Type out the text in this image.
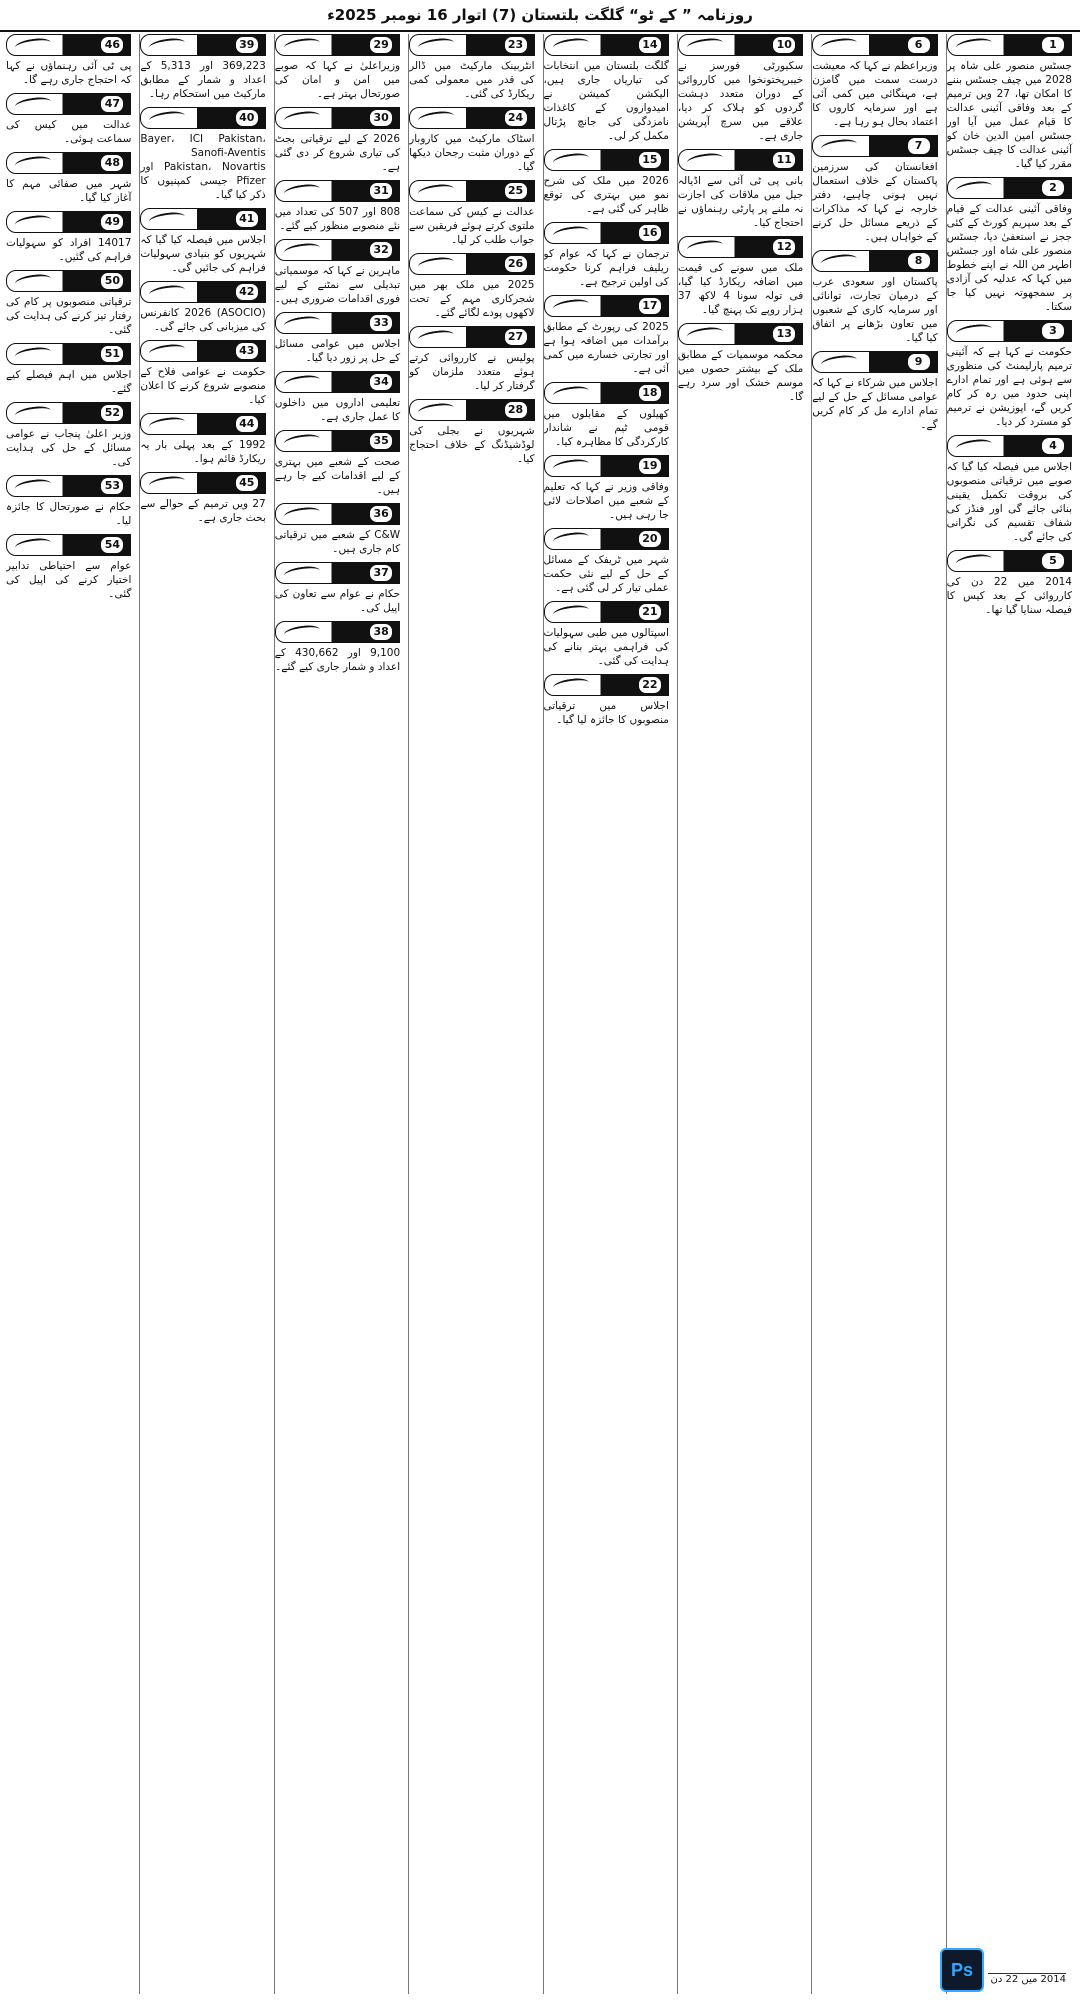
روزنامہ ” کے ٹو“ گلگت بلتستان (7) اتوار 16 نومبر 2025ء
1
بقیہ

جسٹس منصور علی شاہ پر 2028 میں چیف جسٹس بننے کا امکان تھا، 27 ویں ترمیم کے بعد وفاقی آئینی عدالت کا قیام عمل میں آیا اور جسٹس امین الدین خان کو آئینی عدالت کا چیف جسٹس مقرر کیا گیا۔

2
بقیہ

وفاقی آئینی عدالت کے قیام کے بعد سپریم کورٹ کے کئی ججز نے استعفیٰ دیا، جسٹس منصور علی شاہ اور جسٹس اطہر من اللہ نے اپنے خطوط میں کہا کہ عدلیہ کی آزادی پر سمجھوتہ نہیں کیا جا سکتا۔

3
بقیہ

حکومت نے کہا ہے کہ آئینی ترمیم پارلیمنٹ کی منظوری سے ہوئی ہے اور تمام ادارے اپنی حدود میں رہ کر کام کریں گے، اپوزیشن نے ترمیم کو مسترد کر دیا۔

4
بقیہ

اجلاس میں فیصلہ کیا گیا کہ صوبے میں ترقیاتی منصوبوں کی بروقت تکمیل یقینی بنائی جائے گی اور فنڈز کی شفاف تقسیم کی نگرانی کی جائے گی۔

5
بقیہ

2014 میں 22 دن کی کارروائی کے بعد کیس کا فیصلہ سنایا گیا تھا۔

6
بقیہ

وزیراعظم نے کہا کہ معیشت درست سمت میں گامزن ہے، مہنگائی میں کمی آئی ہے اور سرمایہ کاروں کا اعتماد بحال ہو رہا ہے۔

7
بقیہ

افغانستان کی سرزمین پاکستان کے خلاف استعمال نہیں ہونی چاہیے، دفتر خارجہ نے کہا کہ مذاکرات کے ذریعے مسائل حل کرنے کے خواہاں ہیں۔

8
بقیہ

پاکستان اور سعودی عرب کے درمیان تجارت، توانائی اور سرمایہ کاری کے شعبوں میں تعاون بڑھانے پر اتفاق کیا گیا۔

9
بقیہ

اجلاس میں شرکاء نے کہا کہ عوامی مسائل کے حل کے لیے تمام ادارے مل کر کام کریں گے۔

10
بقیہ

سکیورٹی فورسز نے خیبرپختونخوا میں کارروائی کے دوران متعدد دہشت گردوں کو ہلاک کر دیا، علاقے میں سرچ آپریشن جاری ہے۔

11
بقیہ

بانی پی ٹی آئی سے اڈیالہ جیل میں ملاقات کی اجازت نہ ملنے پر پارٹی رہنماؤں نے احتجاج کیا۔

12
بقیہ

ملک میں سونے کی قیمت میں اضافہ ریکارڈ کیا گیا، فی تولہ سونا 4 لاکھ 37 ہزار روپے تک پہنچ گیا۔

13
بقیہ

محکمہ موسمیات کے مطابق ملک کے بیشتر حصوں میں موسم خشک اور سرد رہے گا۔

14
بقیہ

گلگت بلتستان میں انتخابات کی تیاریاں جاری ہیں، الیکشن کمیشن نے امیدواروں کے کاغذات نامزدگی کی جانچ پڑتال مکمل کر لی۔

15
بقیہ

2026 میں ملک کی شرح نمو میں بہتری کی توقع ظاہر کی گئی ہے۔

16
بقیہ

ترجمان نے کہا کہ عوام کو ریلیف فراہم کرنا حکومت کی اولین ترجیح ہے۔

17
بقیہ

2025 کی رپورٹ کے مطابق برآمدات میں اضافہ ہوا ہے اور تجارتی خسارے میں کمی آئی ہے۔

18
بقیہ

کھیلوں کے مقابلوں میں قومی ٹیم نے شاندار کارکردگی کا مظاہرہ کیا۔

19
بقیہ

وفاقی وزیر نے کہا کہ تعلیم کے شعبے میں اصلاحات لائی جا رہی ہیں۔

20
بقیہ

شہر میں ٹریفک کے مسائل کے حل کے لیے نئی حکمت عملی تیار کر لی گئی ہے۔

21
بقیہ

اسپتالوں میں طبی سہولیات کی فراہمی بہتر بنانے کی ہدایت کی گئی۔

22
بقیہ

اجلاس میں ترقیاتی منصوبوں کا جائزہ لیا گیا۔

23
بقیہ

انٹربینک مارکیٹ میں ڈالر کی قدر میں معمولی کمی ریکارڈ کی گئی۔

24
بقیہ

اسٹاک مارکیٹ میں کاروبار کے دوران مثبت رجحان دیکھا گیا۔

25
بقیہ

عدالت نے کیس کی سماعت ملتوی کرتے ہوئے فریقین سے جواب طلب کر لیا۔

26
بقیہ

2025 میں ملک بھر میں شجرکاری مہم کے تحت لاکھوں پودے لگائے گئے۔

27
بقیہ

پولیس نے کارروائی کرتے ہوئے متعدد ملزمان کو گرفتار کر لیا۔

28
بقیہ

شہریوں نے بجلی کی لوڈشیڈنگ کے خلاف احتجاج کیا۔

29
بقیہ

وزیراعلیٰ نے کہا کہ صوبے میں امن و امان کی صورتحال بہتر ہے۔

30
بقیہ

2026 کے لیے ترقیاتی بجٹ کی تیاری شروع کر دی گئی ہے۔

31
بقیہ

808 اور 507 کی تعداد میں نئے منصوبے منظور کیے گئے۔

32
بقیہ

ماہرین نے کہا کہ موسمیاتی تبدیلی سے نمٹنے کے لیے فوری اقدامات ضروری ہیں۔

33
بقیہ

اجلاس میں عوامی مسائل کے حل پر زور دیا گیا۔

34
بقیہ

تعلیمی اداروں میں داخلوں کا عمل جاری ہے۔

35
بقیہ

صحت کے شعبے میں بہتری کے لیے اقدامات کیے جا رہے ہیں۔

36
بقیہ

C&W کے شعبے میں ترقیاتی کام جاری ہیں۔

37
بقیہ

حکام نے عوام سے تعاون کی اپیل کی۔

38
بقیہ

9,100 اور 430,662 کے اعداد و شمار جاری کیے گئے۔

39
بقیہ

369,223 اور 5,313 کے اعداد و شمار کے مطابق مارکیٹ میں استحکام رہا۔

40
بقیہ

Bayer، ICI Pakistan، Sanofi-Aventis Pakistan، Novartis اور Pfizer جیسی کمپنیوں کا ذکر کیا گیا۔

41
بقیہ

اجلاس میں فیصلہ کیا گیا کہ شہریوں کو بنیادی سہولیات فراہم کی جائیں گی۔

42
بقیہ

(ASOCIO) 2026 کانفرنس کی میزبانی کی جائے گی۔

43
بقیہ

حکومت نے عوامی فلاح کے منصوبے شروع کرنے کا اعلان کیا۔

44
بقیہ

1992 کے بعد پہلی بار یہ ریکارڈ قائم ہوا۔

45
بقیہ

27 ویں ترمیم کے حوالے سے بحث جاری ہے۔

46
بقیہ

پی ٹی آئی رہنماؤں نے کہا کہ احتجاج جاری رہے گا۔

47
بقیہ

عدالت میں کیس کی سماعت ہوئی۔

48
بقیہ

شہر میں صفائی مہم کا آغاز کیا گیا۔

49
بقیہ

14017 افراد کو سہولیات فراہم کی گئیں۔

50
بقیہ

ترقیاتی منصوبوں پر کام کی رفتار تیز کرنے کی ہدایت کی گئی۔

51
بقیہ

اجلاس میں اہم فیصلے کیے گئے۔

52
بقیہ

وزیر اعلیٰ پنجاب نے عوامی مسائل کے حل کی ہدایت کی۔

53
بقیہ

حکام نے صورتحال کا جائزہ لیا۔

54
بقیہ

عوام سے احتیاطی تدابیر اختیار کرنے کی اپیل کی گئی۔

Ps 2014 میں 22 دن
